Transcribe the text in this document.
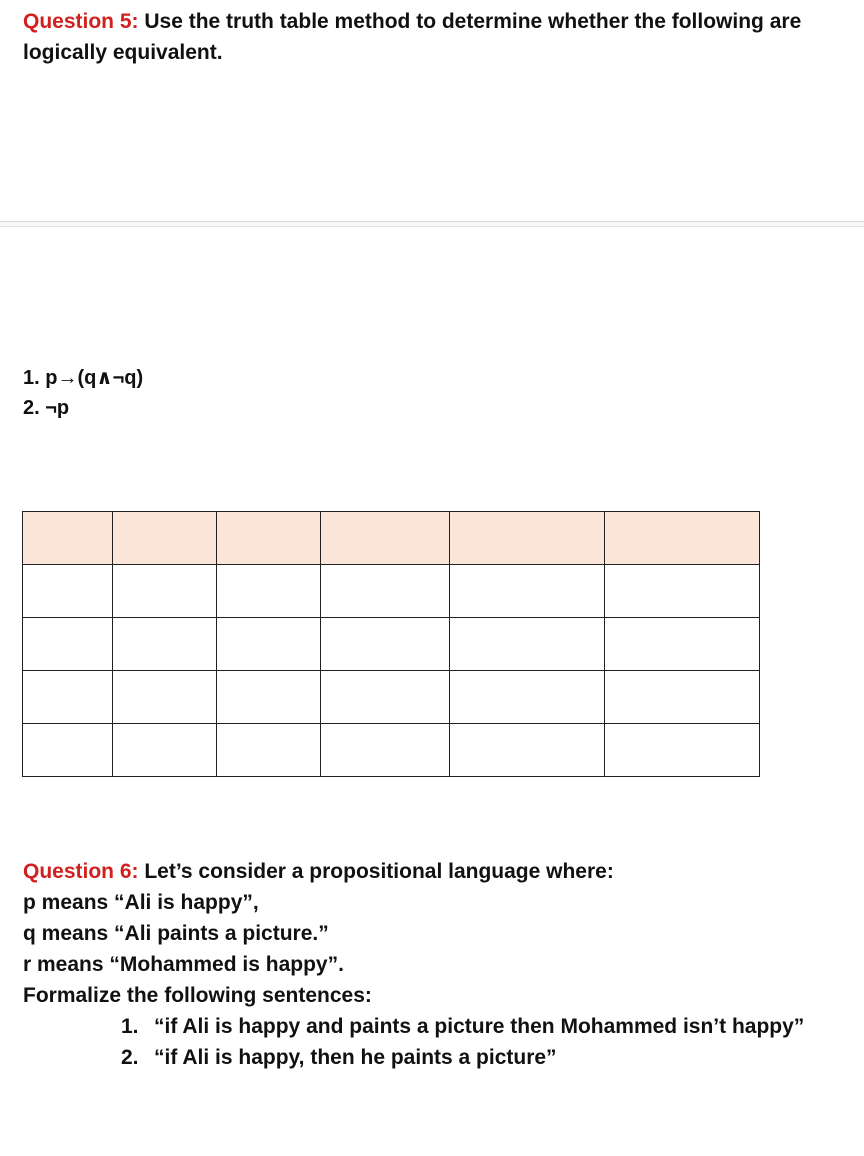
Question 5: Use the truth table method to determine whether the following are logically equivalent.
1. p→(q∧¬q)
2. ¬p

Question 6: Let’s consider a propositional language where:
p means “Ali is happy”,
q means “Ali paints a picture.”
r means “Mohammed is happy”.
Formalize the following sentences:
1. “if Ali is happy and paints a picture then Mohammed isn’t happy”
2. “if Ali is happy, then he paints a picture”
